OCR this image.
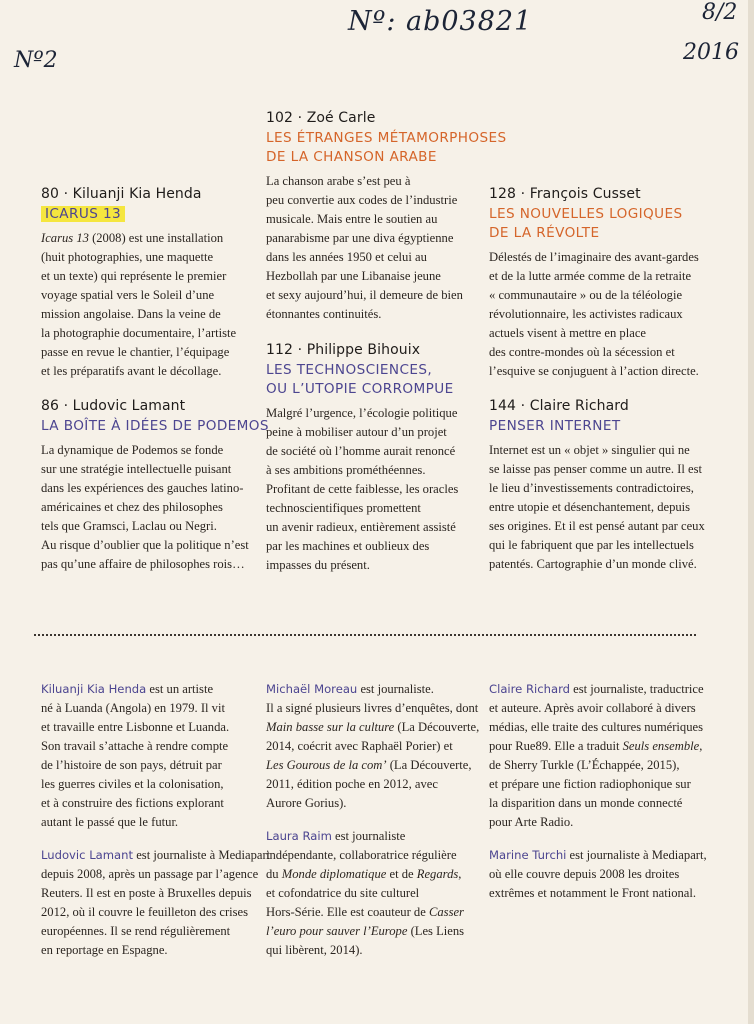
Nº: ab03821
Nº2
8/2
2016
80 · Kiluanji Kia Henda
ICARUS 13
Icarus 13 (2008) est une installation
(huit photographies, une maquette
et un texte) qui représente le premier
voyage spatial vers le Soleil d’une
mission angolaise. Dans la veine de
la photographie documentaire, l’artiste
passe en revue le chantier, l’équipage
et les préparatifs avant le décollage.
86 · Ludovic Lamant
LA BOÎTE À IDÉES DE PODEMOS
La dynamique de Podemos se fonde
sur une stratégie intellectuelle puisant
dans les expériences des gauches latino-
américaines et chez des philosophes
tels que Gramsci, Laclau ou Negri.
Au risque d’oublier que la politique n’est
pas qu’une affaire de philosophes rois…
102 · Zoé Carle
LES ÉTRANGES MÉTAMORPHOSES
DE LA CHANSON ARABE
La chanson arabe s’est peu à
peu convertie aux codes de l’industrie
musicale. Mais entre le soutien au
panarabisme par une diva égyptienne
dans les années 1950 et celui au
Hezbollah par une Libanaise jeune
et sexy aujourd’hui, il demeure de bien
étonnantes continuités.
112 · Philippe Bihouix
LES TECHNOSCIENCES,
OU L’UTOPIE CORROMPUE
Malgré l’urgence, l’écologie politique
peine à mobiliser autour d’un projet
de société où l’homme aurait renoncé
à ses ambitions prométhéennes.
Profitant de cette faiblesse, les oracles
technoscientifiques promettent
un avenir radieux, entièrement assisté
par les machines et oublieux des
impasses du présent.
128 · François Cusset
LES NOUVELLES LOGIQUES
DE LA RÉVOLTE
Délestés de l’imaginaire des avant-gardes
et de la lutte armée comme de la retraite
« communautaire » ou de la téléologie
révolutionnaire, les activistes radicaux
actuels visent à mettre en place
des contre-mondes où la sécession et
l’esquive se conjuguent à l’action directe.
144 · Claire Richard
PENSER INTERNET
Internet est un « objet » singulier qui ne
se laisse pas penser comme un autre. Il est
le lieu d’investissements contradictoires,
entre utopie et désenchantement, depuis
ses origines. Et il est pensé autant par ceux
qui le fabriquent que par les intellectuels
patentés. Cartographie d’un monde clivé.

Kiluanji Kia Henda est un artiste
né à Luanda (Angola) en 1979. Il vit
et travaille entre Lisbonne et Luanda.
Son travail s’attache à rendre compte
de l’histoire de son pays, détruit par
les guerres civiles et la colonisation,
et à construire des fictions explorant
autant le passé que le futur.

Ludovic Lamant est journaliste à Mediapart
depuis 2008, après un passage par l’agence
Reuters. Il est en poste à Bruxelles depuis
2012, où il couvre le feuilleton des crises
européennes. Il se rend régulièrement
en reportage en Espagne.

Michaël Moreau est journaliste.
Il a signé plusieurs livres d’enquêtes, dont
Main basse sur la culture (La Découverte,
2014, coécrit avec Raphaël Porier) et
Les Gourous de la com’ (La Découverte,
2011, édition poche en 2012, avec
Aurore Gorius).

Laura Raim est journaliste
indépendante, collaboratrice régulière
du Monde diplomatique et de Regards,
et cofondatrice du site culturel
Hors-Série. Elle est coauteur de Casser
l’euro pour sauver l’Europe (Les Liens
qui libèrent, 2014).

Claire Richard est journaliste, traductrice
et auteure. Après avoir collaboré à divers
médias, elle traite des cultures numériques
pour Rue89. Elle a traduit Seuls ensemble,
de Sherry Turkle (L’Échappée, 2015),
et prépare une fiction radiophonique sur
la disparition dans un monde connecté
pour Arte Radio.

Marine Turchi est journaliste à Mediapart,
où elle couvre depuis 2008 les droites
extrêmes et notamment le Front national.
